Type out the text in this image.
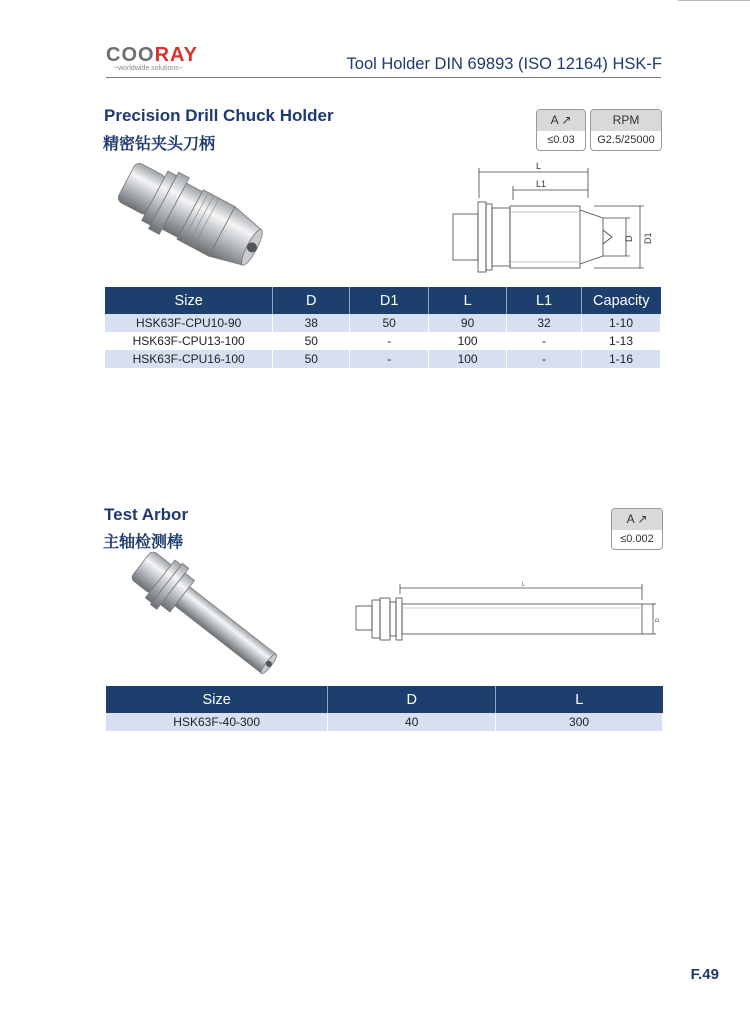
COORAY
~worldwide solutions~	Tool Holder DIN 69893 (ISO 12164) HSK-F
Precision Drill Chuck Holder
精密钻夹头刀柄
A ↗
≤0.03
RPM
G2.5/25000
L
L1
D D1
Size	D	D1	L	L1	Capacity
HSK63F-CPU10-90	38	50	90	32	1-10
HSK63F-CPU13-100	50	-	100	-	1-13
HSK63F-CPU16-100	50	-	100	-	1-16
Test Arbor
主轴检测棒
A ↗
≤0.002
L
D
Size	D	L
HSK63F-40-300	40	300
F.49
